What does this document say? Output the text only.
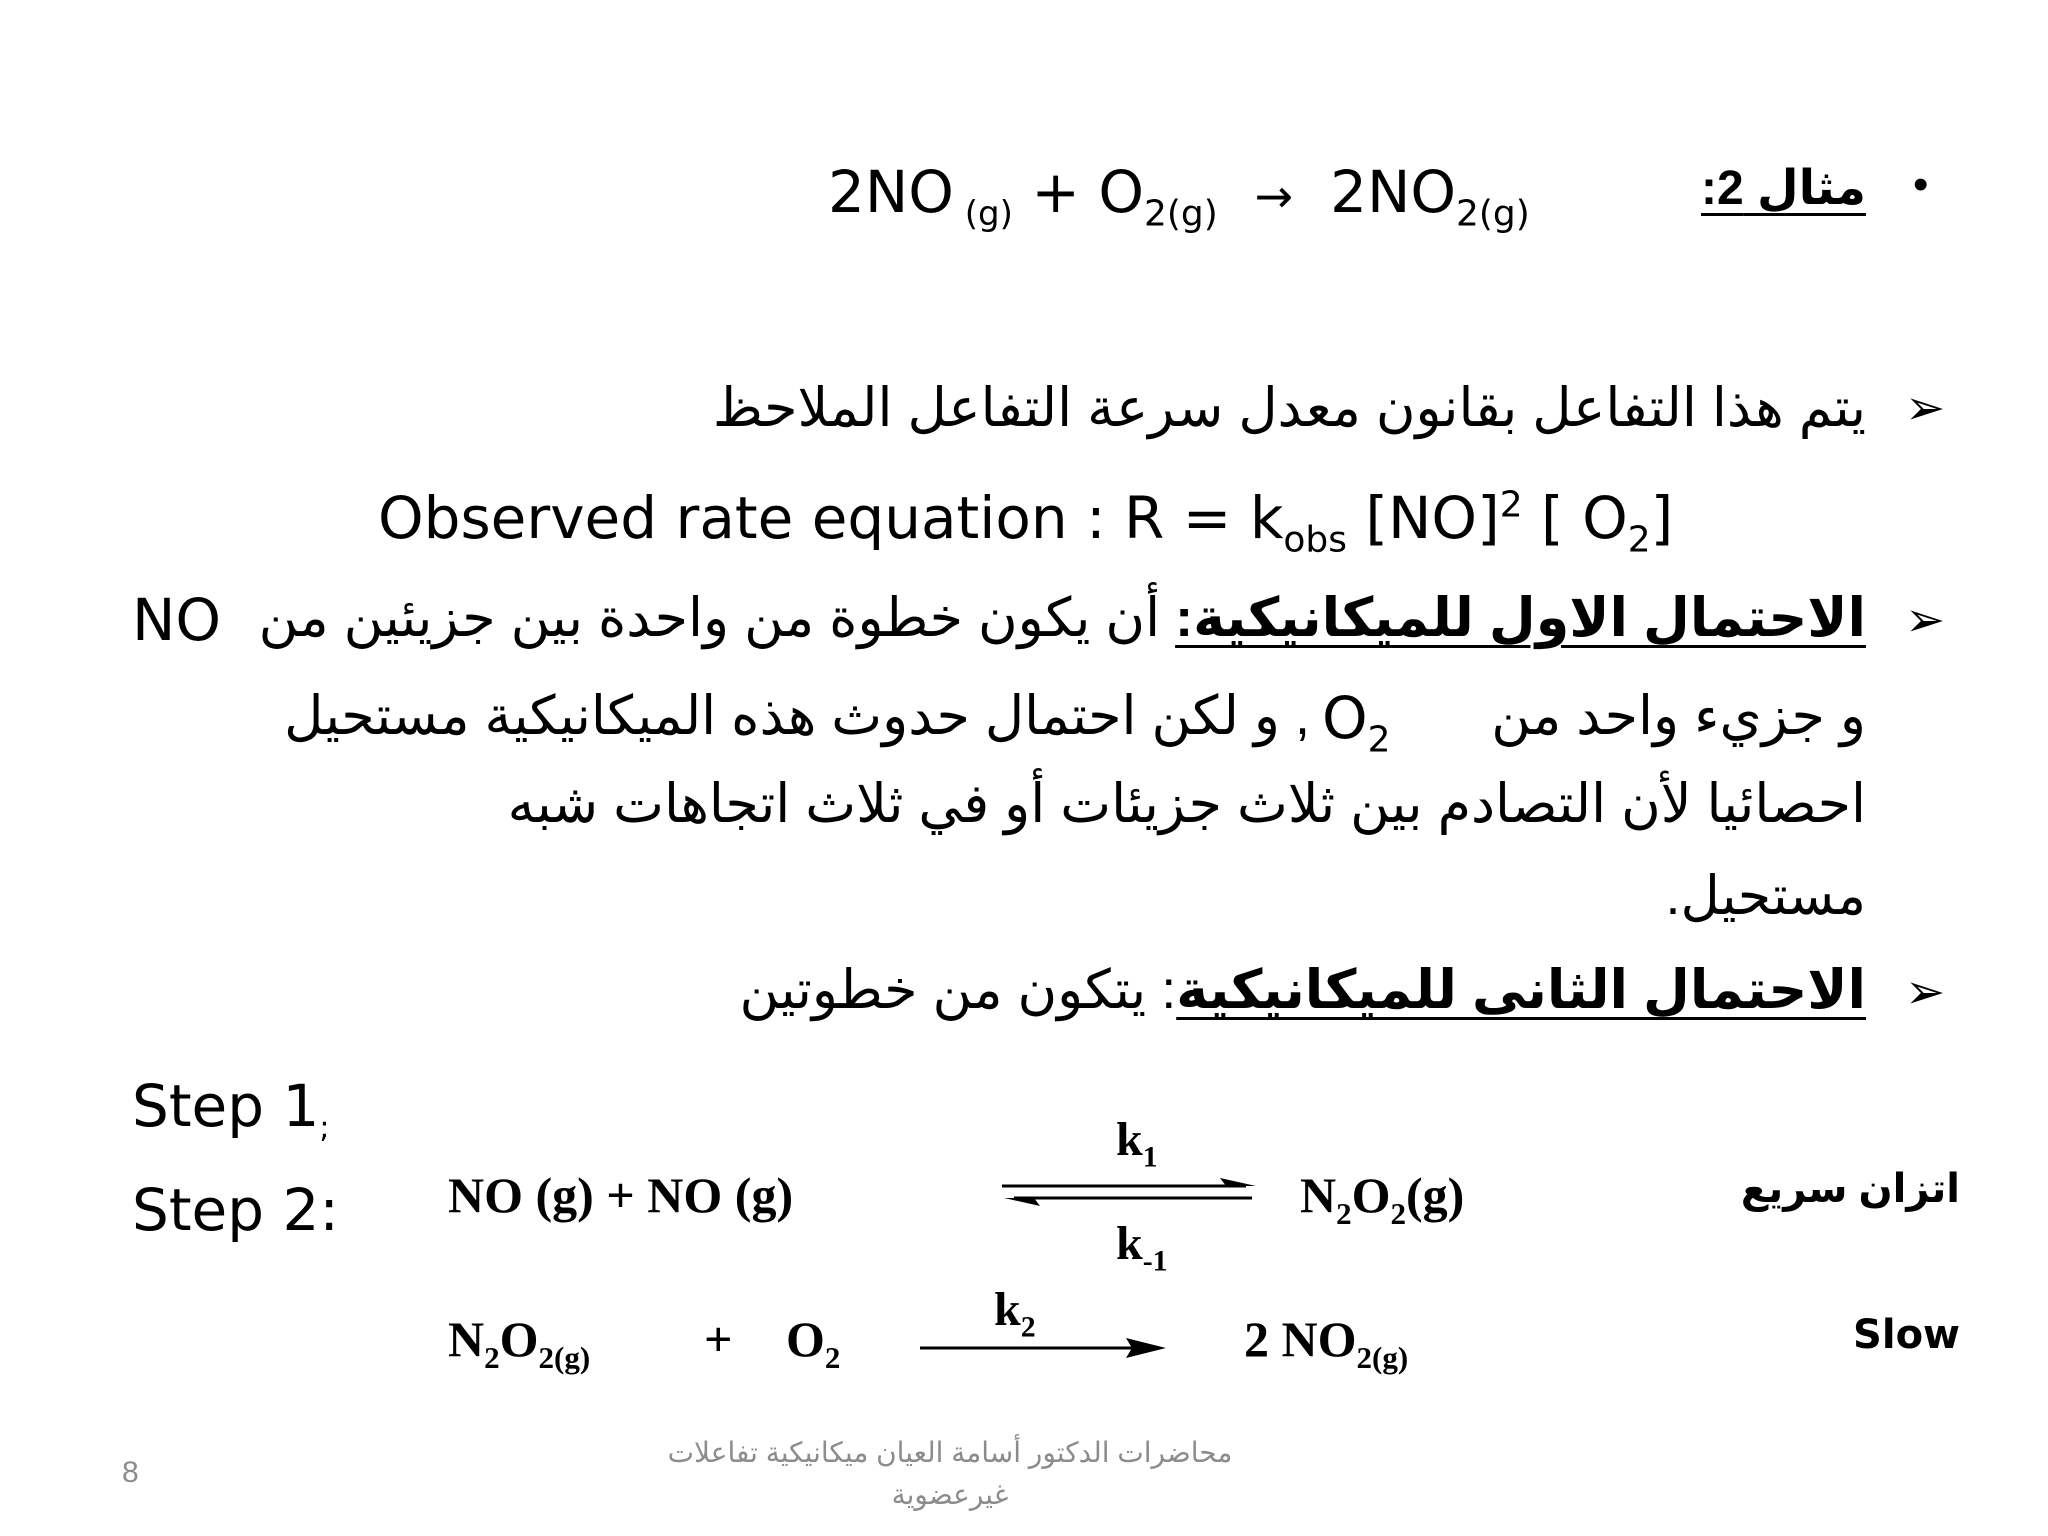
•
مثال 2:
2NO $_{(g)} + O_{2(g)} \to 2NO_{2(g)}$
➢
يتم هذا التفاعل بقانون معدل سرعة التفاعل الملاحظ
Observed rate equation : $R = k_{obs}$ [NO]$^2$ [ $O_2$]
➢
الاحتمال الاول للميكانيكية: أن يكون خطوة من واحدة بين جزيئين من
NO
و جزيء واحد من
$O_2$
, و لكن احتمال حدوث هذه الميكانيكية مستحيل
احصائيا لأن التصادم بين ثلاث جزيئات أو في ثلاث اتجاهات شبه
مستحيل.
➢
الاحتمال الثانى للميكانيكية: يتكون من خطوتين
Step $1_;$
Step 2: NO (g) + NO (g)
$k_1$
$k_{-1}$
$N_2O_2(g)$	اتزان سريع
$N_2O_{2(g)} + O_2$
$k_2$	2 $NO_{2(g)}$	Slow
8
محاضرات الدكتور أسامة العيان ميكانيكية تفاعلات
غيرعضوية
